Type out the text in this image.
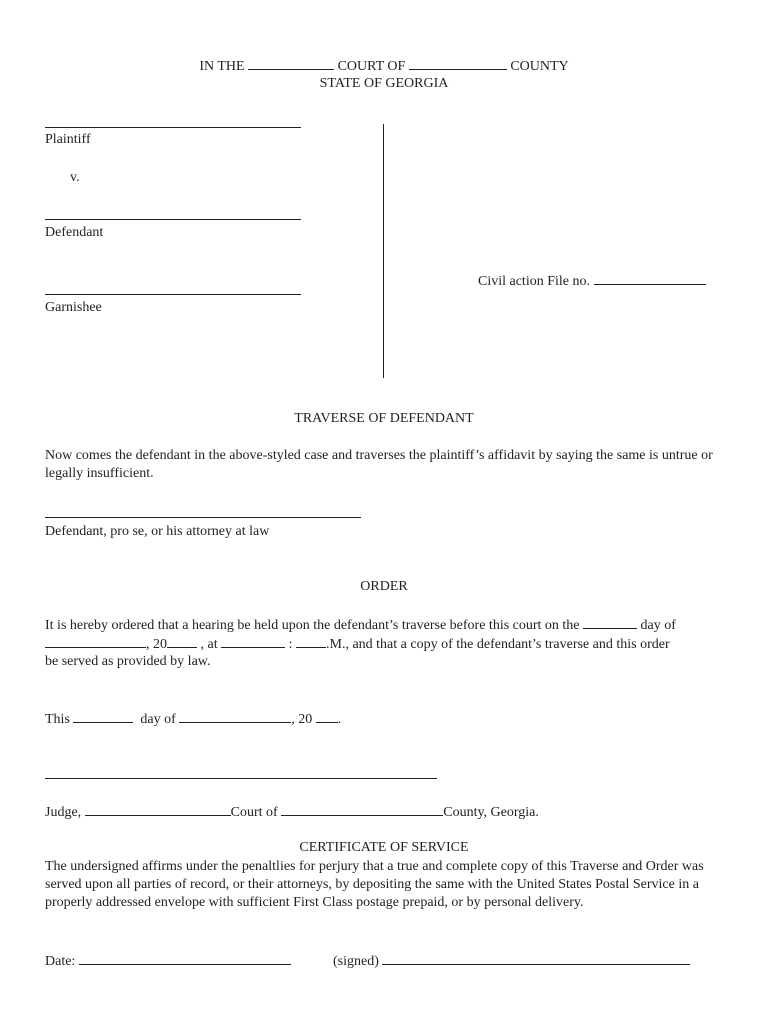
IN THE	COURT OF	COUNTY
STATE OF GEORGIA
Plaintiff
v.
Defendant
Garnishee
Civil action File no.
TRAVERSE OF DEFENDANT
Now comes the defendant in the above-styled case and traverses the plaintiff’s affidavit by saying the same is untrue or legally insufficient.
Defendant, pro se, or his attorney at law
ORDER
It is hereby ordered that a hearing be held upon the defendant’s traverse before this court on the	day of
, 20 , at	: .M., and that a copy of the defendant’s traverse and this order
be served as provided by law.
This	day of	, 20 .
Judge,	Court of	County, Georgia.
CERTIFICATE OF SERVICE
The undersigned affirms under the penaltlies for perjury that a true and complete copy of this Traverse and Order was served upon all parties of record, or their attorneys, by depositing the same with the United States Postal Service in a properly addressed envelope with sufficient First Class postage prepaid, or by personal delivery.
Date:	(signed)
